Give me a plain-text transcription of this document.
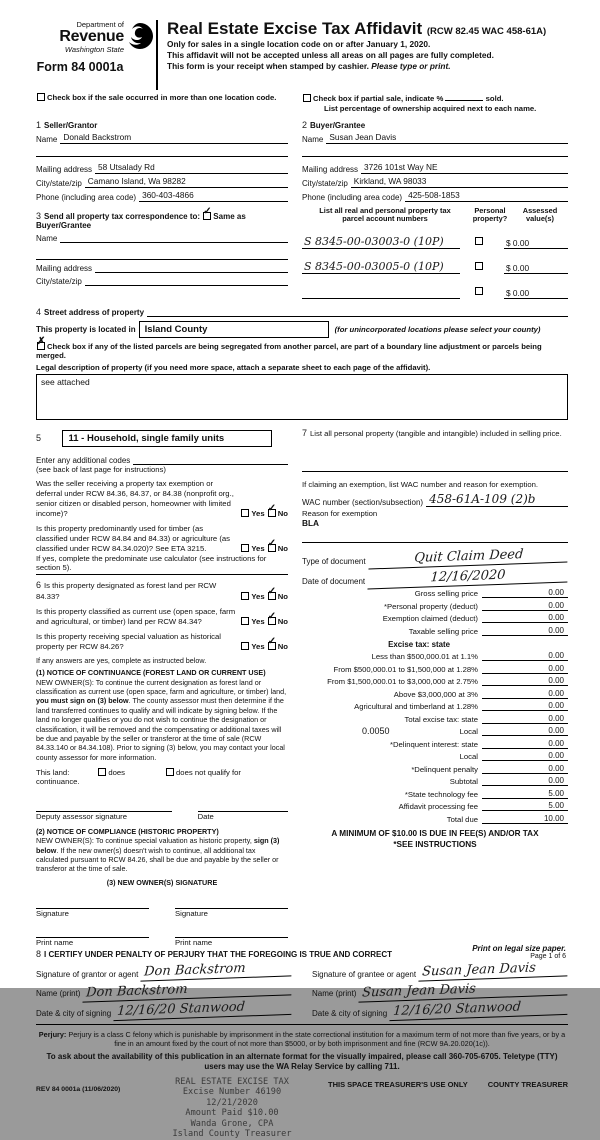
Department of
Revenue
Washington State
Form 84 0001a
Real Estate Excise Tax Affidavit (RCW 82.45 WAC 458-61A)
Only for sales in a single location code on or after January 1, 2020.
This affidavit will not be accepted unless all areas on all pages are fully completed.
This form is your receipt when stamped by cashier. Please type or print.
Check box if the sale occurred in more than one location code.	Check box if partial sale, indicate %	sold.
List percentage of ownership acquired next to each name.
1 Seller/Grantor
Name Donald Backstrom
Mailing address 58 Utsalady Rd
City/state/zip Camano Island, Wa 98282
Phone (including area code) 360-403-4866
3 Send all property tax correspondence to: ✓ Same as Buyer/Grantee
Name
Mailing address
City/state/zip
2 Buyer/Grantee
Name Susan Jean Davis
Mailing address 3726 101st Way NE
City/state/zip Kirkland, WA 98033
Phone (including area code) 425-508-1853
List all real and personal property tax
parcel account numbers
Personal
property?
Assessed
value(s)
S 8345-00-03003-0 (10P)	$ 0.00
S 8345-00-03005-0 (10P)	$ 0.00
$ 0.00
4 Street address of property
This property is located in Island County	(for unincorporated locations please select your county)
✗ Check box if any of the listed parcels are being segregated from another parcel, are part of a boundary line adjustment or parcels being merged.
Legal description of property (if you need more space, attach a separate sheet to each page of the affidavit).
see attached
5	11 - Household, single family units
Enter any additional codes
(see back of last page for instructions)
Was the seller receiving a property tax exemption or deferral under RCW 84.36, 84.37, or 84.38 (nonprofit org., senior citizen or disabled person, homeowner with limited income)?	Yes ✓ No
Is this property predominantly used for timber (as classified under RCW 84.84 and 84.33) or agriculture (as classified under RCW 84.34.020)? See ETA 3215.	Yes ✓ No
If yes, complete the predominate use calculator (see instructions for section 5).
6 Is this property designated as forest land per RCW 84.33?	Yes ✓ No
Is this property classified as current use (open space, farm and agricultural, or timber) land per RCW 84.34?	Yes ✓ No
Is this property receiving special valuation as historical property per RCW 84.26?	Yes ✓ No
If any answers are yes, complete as instructed below.
(1) NOTICE OF CONTINUANCE (FOREST LAND OR CURRENT USE)
NEW OWNER(S): To continue the current designation as forest land or classification as current use (open space, farm and agriculture, or timber) land, you must sign on (3) below. The county assessor must then determine if the land transferred continues to qualify and will indicate by signing below. If the land no longer qualifies or you do not wish to continue the designation or classification, it will be removed and the compensating or additional taxes will be due and payable by the seller or transferor at the time of sale (RCW 84.33.140 or 84.34.108). Prior to signing (3) below, you may contact your local county assessor for more information.
This land:	does	does not qualify for
continuance.
Deputy assessor signature	Date
(2) NOTICE OF COMPLIANCE (HISTORIC PROPERTY)
NEW OWNER(S): To continue special valuation as historic property, sign (3) below. If the new owner(s) doesn't wish to continue, all additional tax calculated pursuant to RCW 84.26, shall be due and payable by the seller or transferor at the time of sale.
(3) NEW OWNER(S) SIGNATURE
Signature	Signature
Print name	Print name
7 List all personal property (tangible and intangible) included in selling price.
If claiming an exemption, list WAC number and reason for exemption.
WAC number (section/subsection) 458-61A-109 (2)b
Reason for exemption
BLA
Type of document	Quit Claim Deed
Date of document	12/16/2020
Gross selling price	0.00
*Personal property (deduct)	0.00
Exemption claimed (deduct)	0.00
Taxable selling price	0.00
Excise tax: state
Less than $500,000.01 at 1.1%	0.00
From $500,000.01 to $1,500,000 at 1.28%	0.00
From $1,500,000.01 to $3,000,000 at 2.75%	0.00
Above $3,000,000 at 3%	0.00
Agricultural and timberland at 1.28%	0.00
Total excise tax: state	0.00
0.0050	Local	0.00
*Delinquent interest: state	0.00
Local	0.00
*Delinquent penalty	0.00
Subtotal	0.00
*State technology fee	5.00
Affidavit processing fee	5.00
Total due	10.00
A MINIMUM OF $10.00 IS DUE IN FEE(S) AND/OR TAX
*SEE INSTRUCTIONS
8 I CERTIFY UNDER PENALTY OF PERJURY THAT THE FOREGOING IS TRUE AND CORRECT
Signature of grantor or agent Don Backstrom
Name (print) Don Backstrom
Date & city of signing 12/16/20 Stanwood
Signature of grantee or agent Susan Jean Davis
Name (print) Susan Jean Davis
Date & city of signing 12/16/20 Stanwood
Perjury: Perjury is a class C felony which is punishable by imprisonment in the state correctional institution for a maximum term of not more than five years, or by a fine in an amount fixed by the court of not more than $5000, or by both imprisonment and fine (RCW 9A.20.020(1c)).
To ask about the availability of this publication in an alternate format for the visually impaired, please call 360-705-6705. Teletype (TTY) users may use the WA Relay Service by calling 711.
REV 84 0001a (11/06/2020)
REAL ESTATE EXCISE TAX
Excise Number 46190
12/21/2020
Amount Paid $10.00
Wanda Grone, CPA
Island County Treasurer
THIS SPACE TREASURER'S USE ONLY	COUNTY TREASURER
Print on legal size paper.
Page 1 of 6
